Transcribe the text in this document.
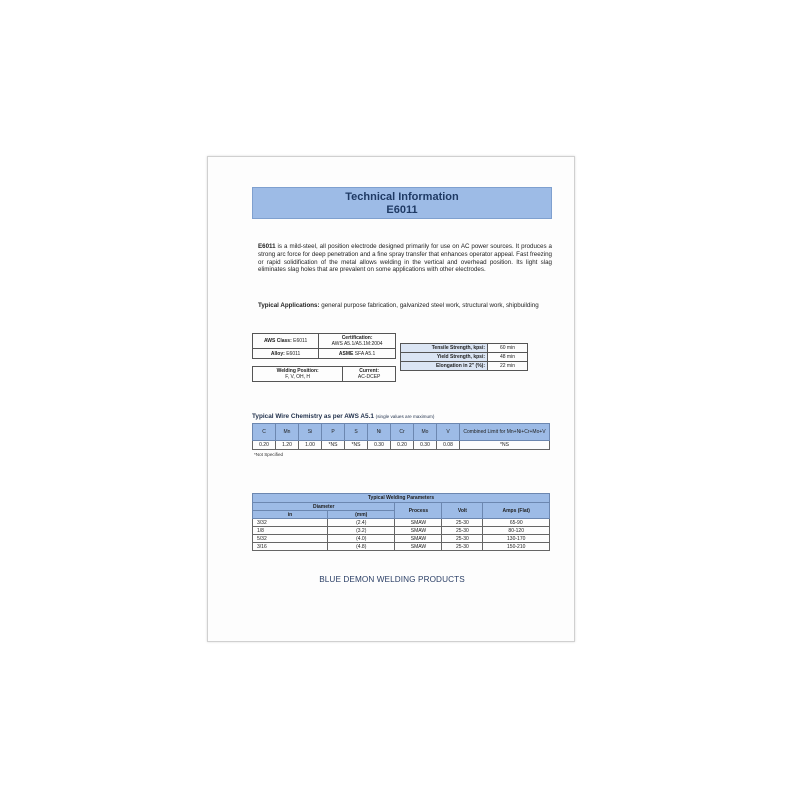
Technical Information
E6011
E6011 is a mild-steel, all position electrode designed primarily for use on AC power sources. It produces a strong arc force for deep penetration and a fine spray transfer that enhances operator appeal. Fast freezing or rapid solidification of the metal allows welding in the vertical and overhead position. Its light slag eliminates slag holes that are prevalent on some applications with other electrodes.
Typical Applications: general purpose fabrication, galvanized steel work, structural work, shipbuilding
AWS Class: E6011	Certification:
AWS A5.1/A5.1M:2004
Alloy: E6011	ASME SFA A5.1
Welding Position:
F, V, OH, H	Current:
AC-DCEP
Tensile Strength, kpsi:	60 min
Yield Strength, kpsi:	48 min
Elongation in 2" (%):	22 min
Typical Wire Chemistry as per AWS A5.1 (single values are maximum)
C	Mn	Si	P	S	Ni	Cr	Mo	V	Combined Limit for Mn+Ni+Cr+Mo+V
0.20	1.20	1.00	*NS	*NS	0.30	0.20	0.30	0.08	*NS
*Not Specified
Typical Welding Parameters				
Diameter		Process	Volt	Amps (Flat)
in	(mm)			
3/32	(2.4)	SMAW	25-30	65-90
1/8	(3.2)	SMAW	25-30	80-120
5/32	(4.0)	SMAW	25-30	130-170
3/16	(4.8)	SMAW	25-30	150-210
BLUE DEMON WELDING PRODUCTS
